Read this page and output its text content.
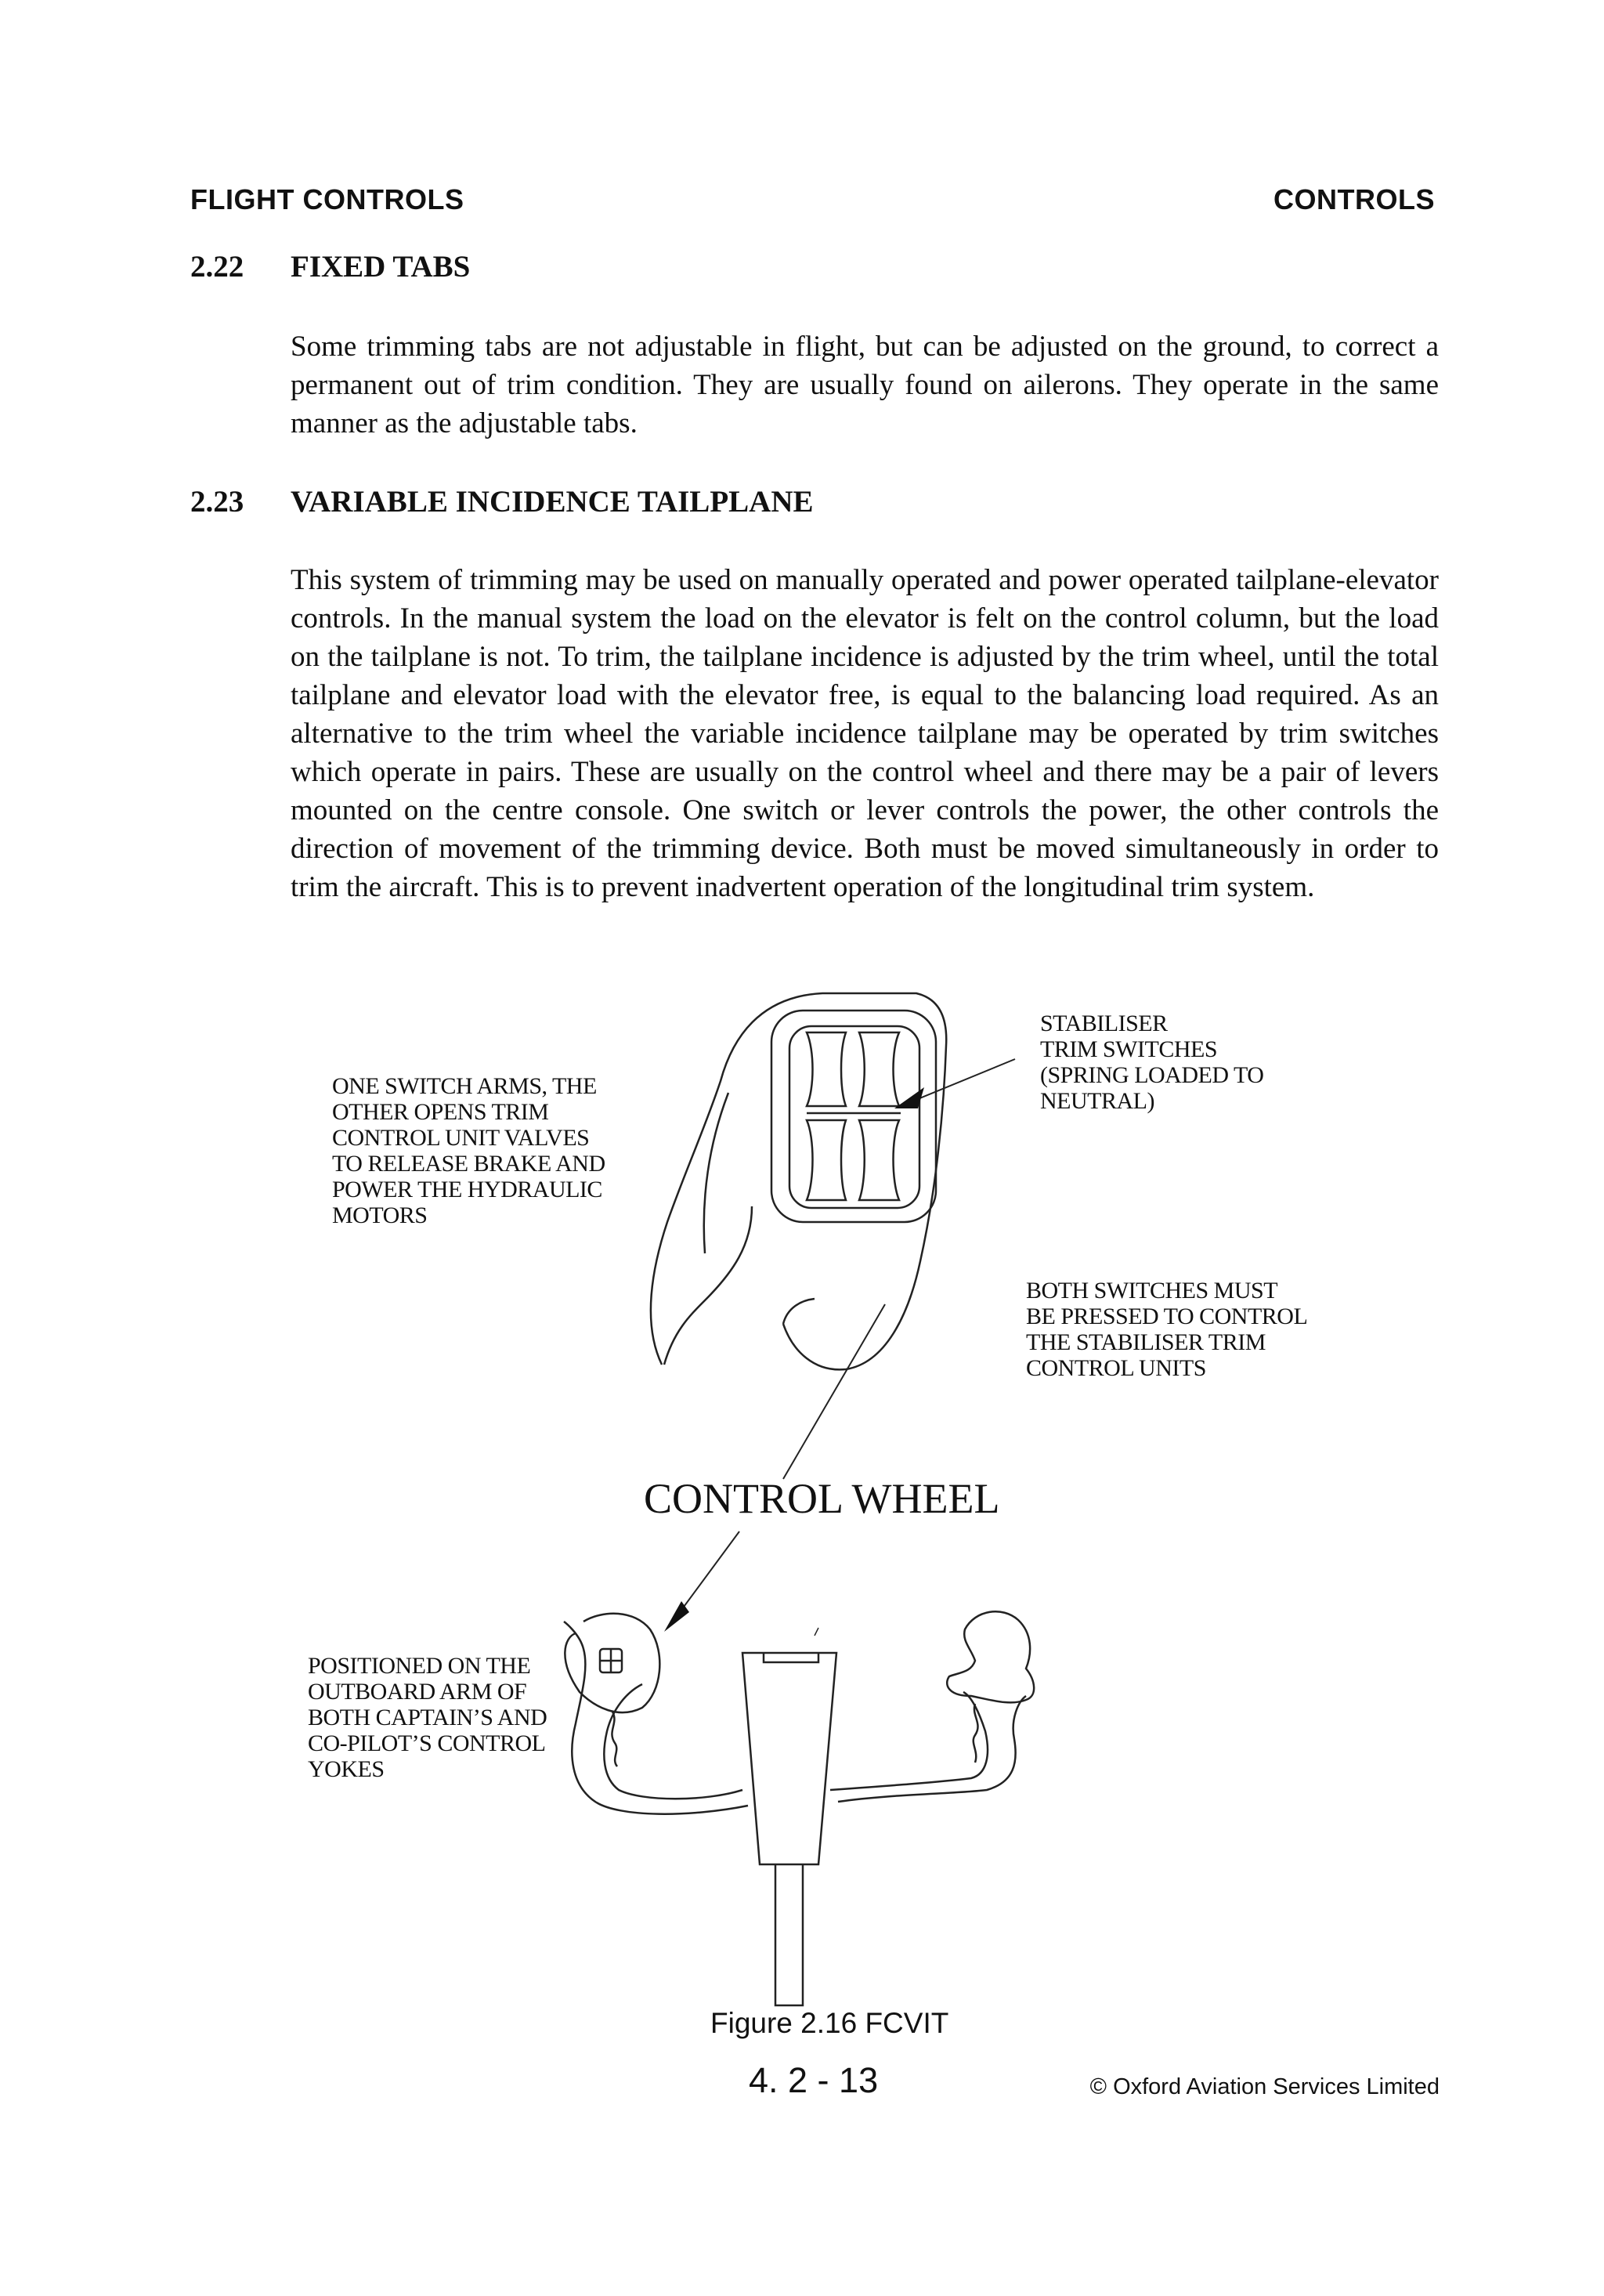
FLIGHT CONTROLS	CONTROLS
2.22 FIXED TABS
Some trimming tabs are not adjustable in flight, but can be adjusted on the ground, to correct a permanent out of trim condition. They are usually found on ailerons. They operate in the same manner as the adjustable tabs.
2.23 VARIABLE INCIDENCE TAILPLANE
This system of trimming may be used on manually operated and power operated tailplane-elevator controls. In the manual system the load on the elevator is felt on the control column, but the load on the tailplane is not. To trim, the tailplane incidence is adjusted by the trim wheel, until the total tailplane and elevator load with the elevator free, is equal to the balancing load required. As an alternative to the trim wheel the variable incidence tailplane may be operated by trim switches which operate in pairs. These are usually on the control wheel and there may be a pair of levers mounted on the centre console. One switch or lever controls the power, the other controls the direction of movement of the trimming device. Both must be moved simultaneously in order to trim the aircraft. This is to prevent inadvertent operation of the longitudinal trim system.
ONE SWITCH ARMS, THE
OTHER OPENS TRIM
CONTROL UNIT VALVES
TO RELEASE BRAKE AND
POWER THE HYDRAULIC
MOTORS
STABILISER
TRIM SWITCHES
(SPRING LOADED TO
NEUTRAL)
BOTH SWITCHES MUST
BE PRESSED TO CONTROL
THE STABILISER TRIM
CONTROL UNITS
CONTROL WHEEL
POSITIONED ON THE
OUTBOARD ARM OF
BOTH CAPTAIN’S AND
CO-PILOT’S CONTROL
YOKES
Figure 2.16 FCVIT
4. 2 - 13	© Oxford Aviation Services Limited
